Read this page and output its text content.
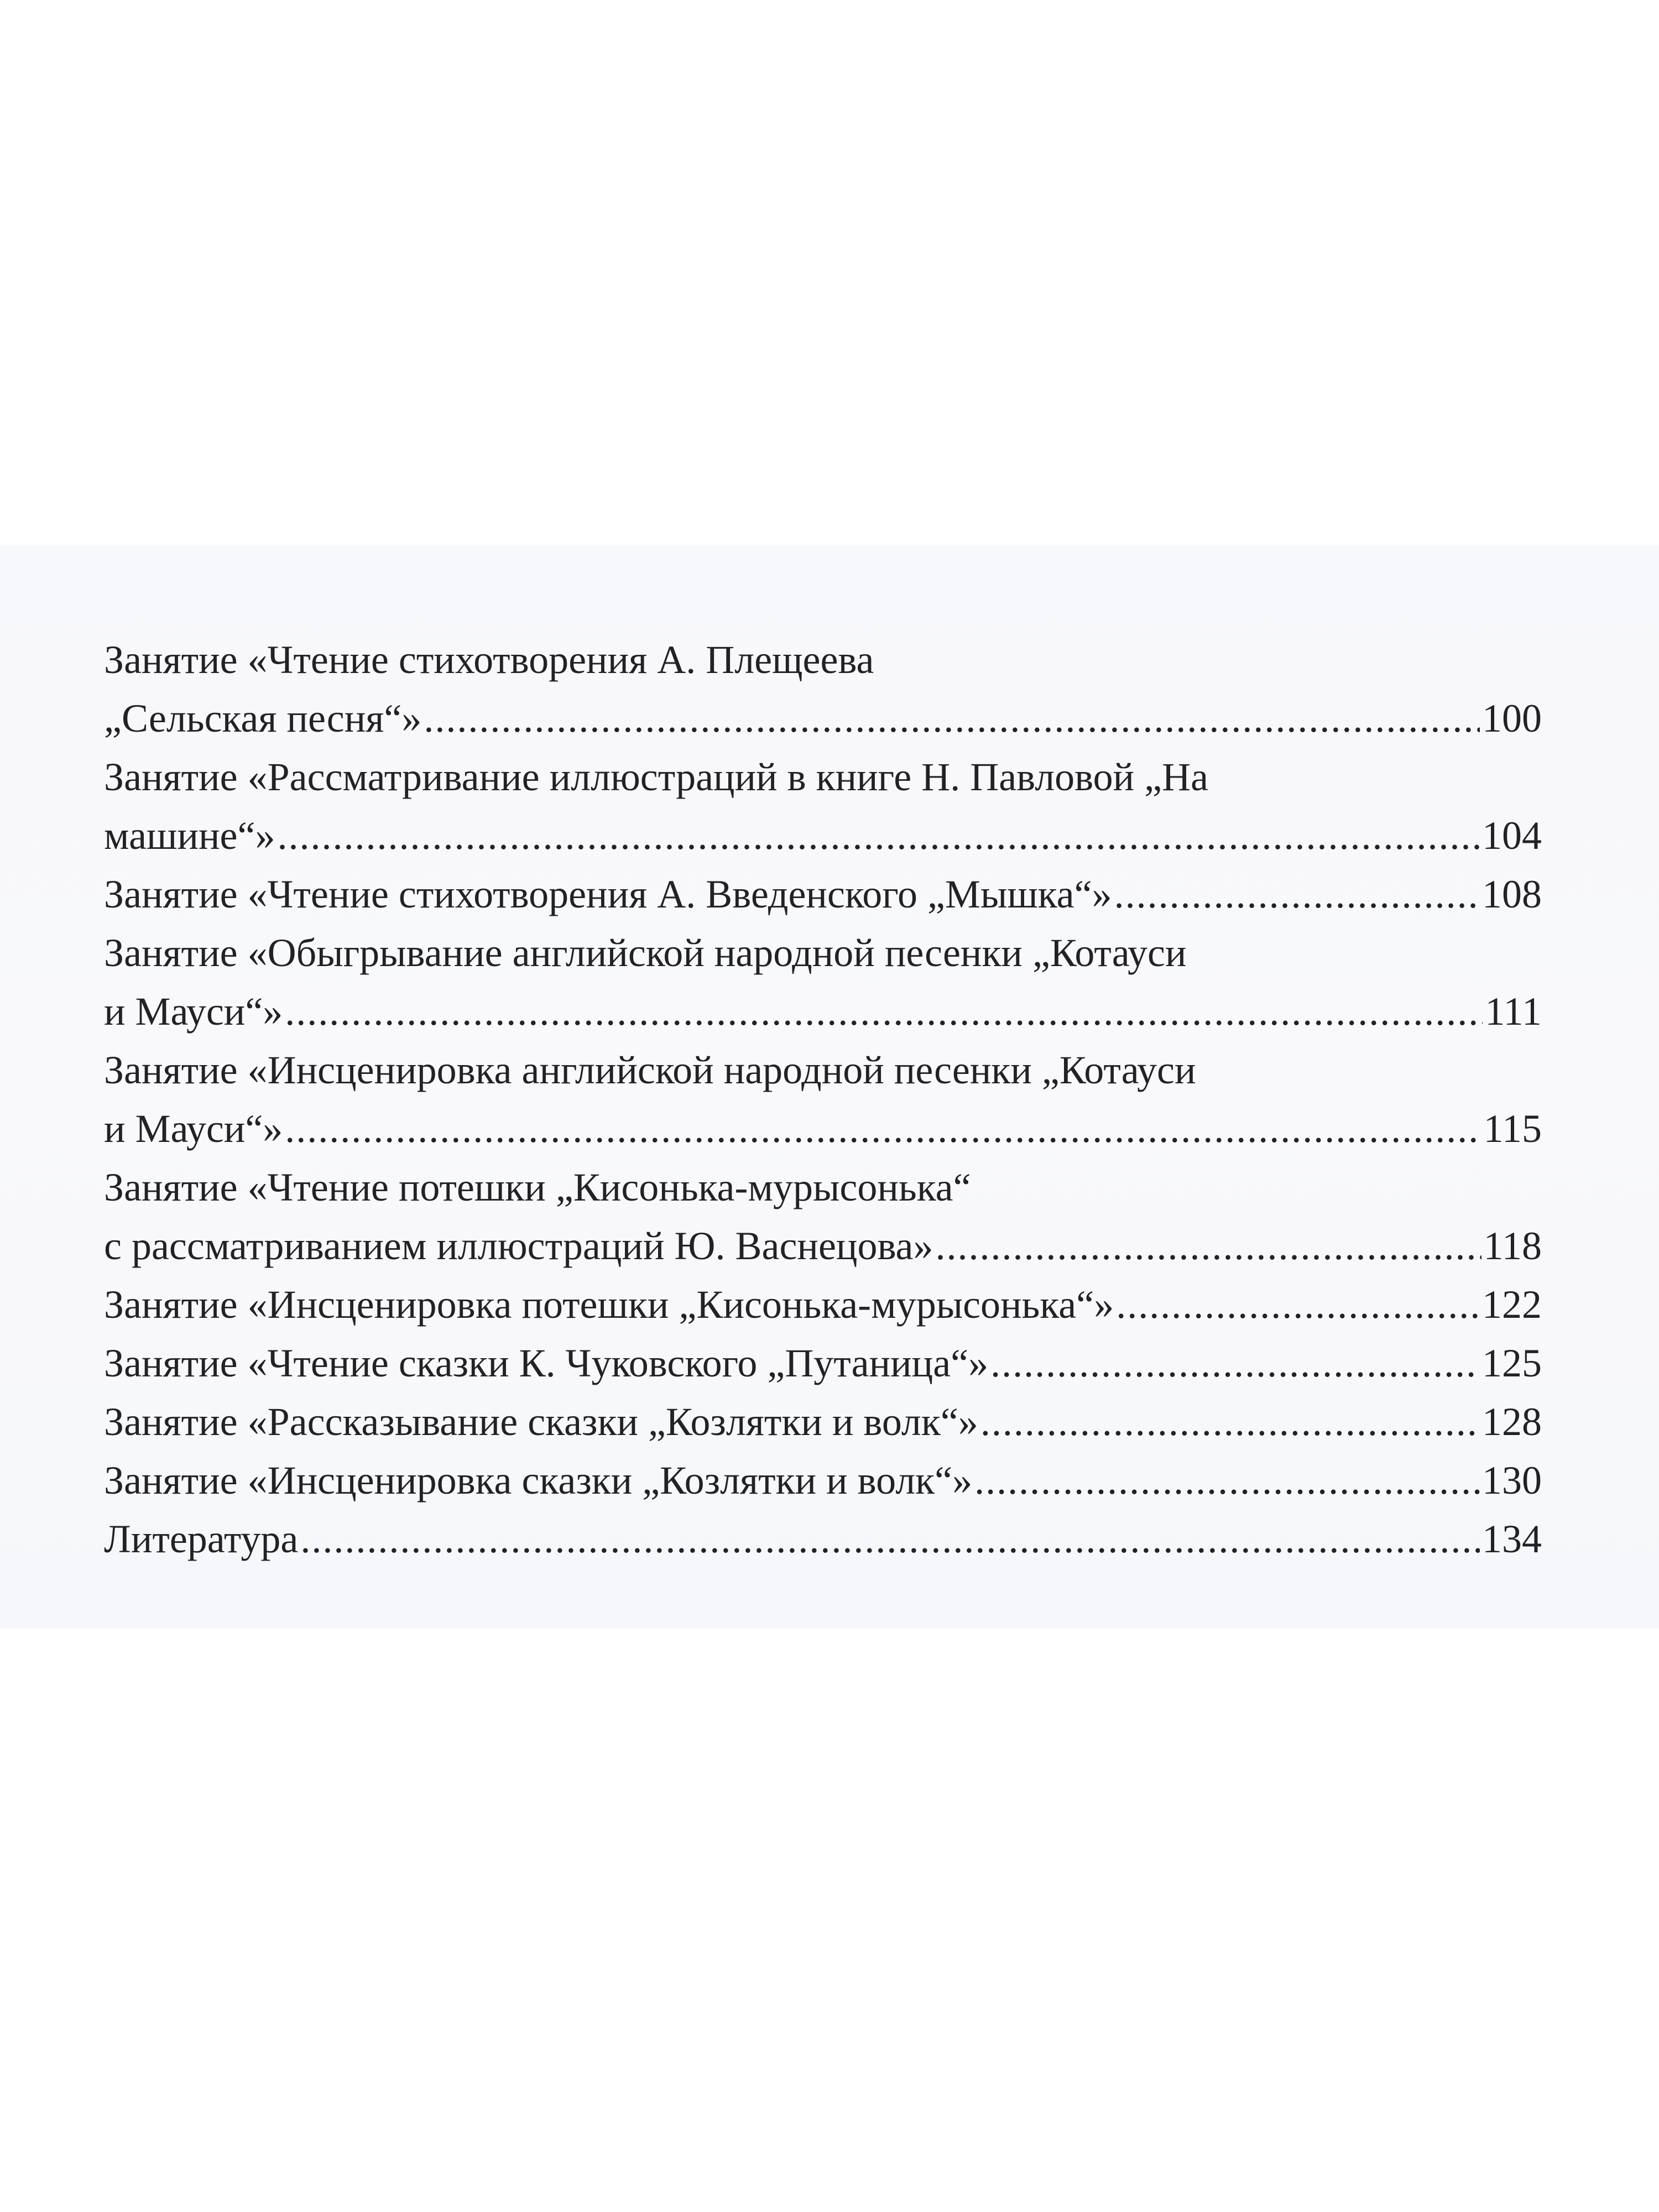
Занятие «Чтение стихотворения А. Плещеева
„Сельская песня“» .....	100
Занятие «Рассматривание иллюстраций в книге Н. Павловой „На
машине“» .....	104
Занятие «Чтение стихотворения А. Введенского „Мышка“» .....	108
Занятие «Обыгрывание английской народной песенки „Котауси
и Мауси“» .....	111
Занятие «Инсценировка английской народной песенки „Котауси
и Мауси“» .....	115
Занятие «Чтение потешки „Кисонька-мурысонька“
с рассматриванием иллюстраций Ю. Васнецова» .....	118
Занятие «Инсценировка потешки „Кисонька-мурысонька“» .....	122
Занятие «Чтение сказки К. Чуковского „Путаница“» .....	125
Занятие «Рассказывание сказки „Козлятки и волк“» .....	128
Занятие «Инсценировка сказки „Козлятки и волк“» .....	130
Литература .....	134
